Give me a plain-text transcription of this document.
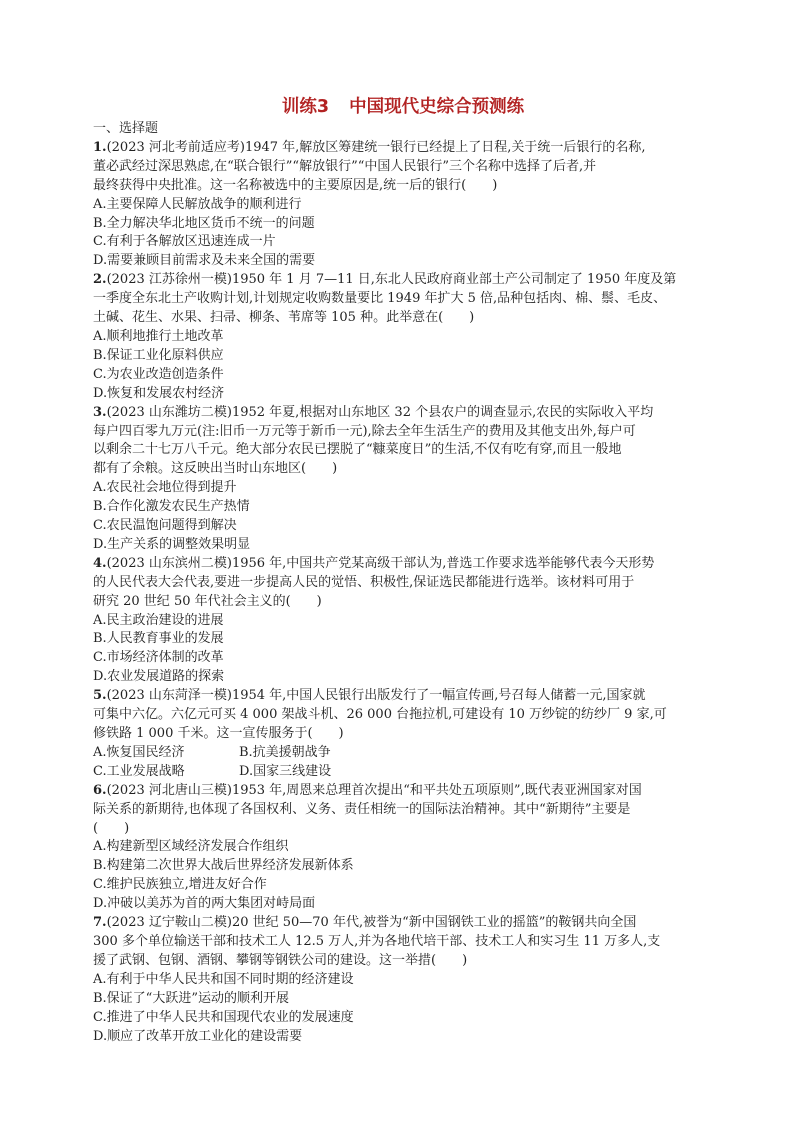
训练3 中国现代史综合预测练
一、选择题
1.(2023 河北考前适应考)1947 年,解放区筹建统一银行已经提上了日程,关于统一后银行的名称,
董必武经过深思熟虑,在“联合银行”“解放银行”“中国人民银行”三个名称中选择了后者,并
最终获得中央批准。这一名称被选中的主要原因是,统一后的银行(　　)
A.主要保障人民解放战争的顺利进行
B.全力解决华北地区货币不统一的问题
C.有利于各解放区迅速连成一片
D.需要兼顾目前需求及未来全国的需要
2.(2023 江苏徐州一模)1950 年 1 月 7—11 日,东北人民政府商业部土产公司制定了 1950 年度及第
一季度全东北土产收购计划,计划规定收购数量要比 1949 年扩大 5 倍,品种包括肉、棉、鬃、毛皮、
土碱、花生、水果、扫帚、柳条、苇席等 105 种。此举意在(　　)
A.顺利地推行土地改革
B.保证工业化原料供应
C.为农业改造创造条件
D.恢复和发展农村经济
3.(2023 山东潍坊二模)1952 年夏,根据对山东地区 32 个县农户的调查显示,农民的实际收入平均
每户四百零九万元(注:旧币一万元等于新币一元),除去全年生活生产的费用及其他支出外,每户可
以剩余二十七万八千元。绝大部分农民已摆脱了“糠菜度日”的生活,不仅有吃有穿,而且一般地
都有了余粮。这反映出当时山东地区(　　)
A.农民社会地位得到提升
B.合作化激发农民生产热情
C.农民温饱问题得到解决
D.生产关系的调整效果明显
4.(2023 山东滨州二模)1956 年,中国共产党某高级干部认为,普选工作要求选举能够代表今天形势
的人民代表大会代表,要进一步提高人民的觉悟、积极性,保证选民都能进行选举。该材料可用于
研究 20 世纪 50 年代社会主义的(　　)
A.民主政治建设的进展
B.人民教育事业的发展
C.市场经济体制的改革
D.农业发展道路的探索
5.(2023 山东菏泽一模)1954 年,中国人民银行出版发行了一幅宣传画,号召每人储蓄一元,国家就
可集中六亿。六亿元可买 4 000 架战斗机、26 000 台拖拉机,可建设有 10 万纱锭的纺纱厂 9 家,可
修铁路 1 000 千米。这一宣传服务于(　　)
A.恢复国民经济	B.抗美援朝战争
C.工业发展战略	D.国家三线建设
6.(2023 河北唐山三模)1953 年,周恩来总理首次提出“和平共处五项原则”,既代表亚洲国家对国
际关系的新期待,也体现了各国权利、义务、责任相统一的国际法治精神。其中“新期待”主要是
(　　)
A.构建新型区域经济发展合作组织
B.构建第二次世界大战后世界经济发展新体系
C.维护民族独立,增进友好合作
D.冲破以美苏为首的两大集团对峙局面
7.(2023 辽宁鞍山二模)20 世纪 50—70 年代,被誉为“新中国钢铁工业的摇篮”的鞍钢共向全国
300 多个单位输送干部和技术工人 12.5 万人,并为各地代培干部、技术工人和实习生 11 万多人,支
援了武钢、包钢、酒钢、攀钢等钢铁公司的建设。这一举措(　　)
A.有利于中华人民共和国不同时期的经济建设
B.保证了“大跃进”运动的顺利开展
C.推进了中华人民共和国现代农业的发展速度
D.顺应了改革开放工业化的建设需要
